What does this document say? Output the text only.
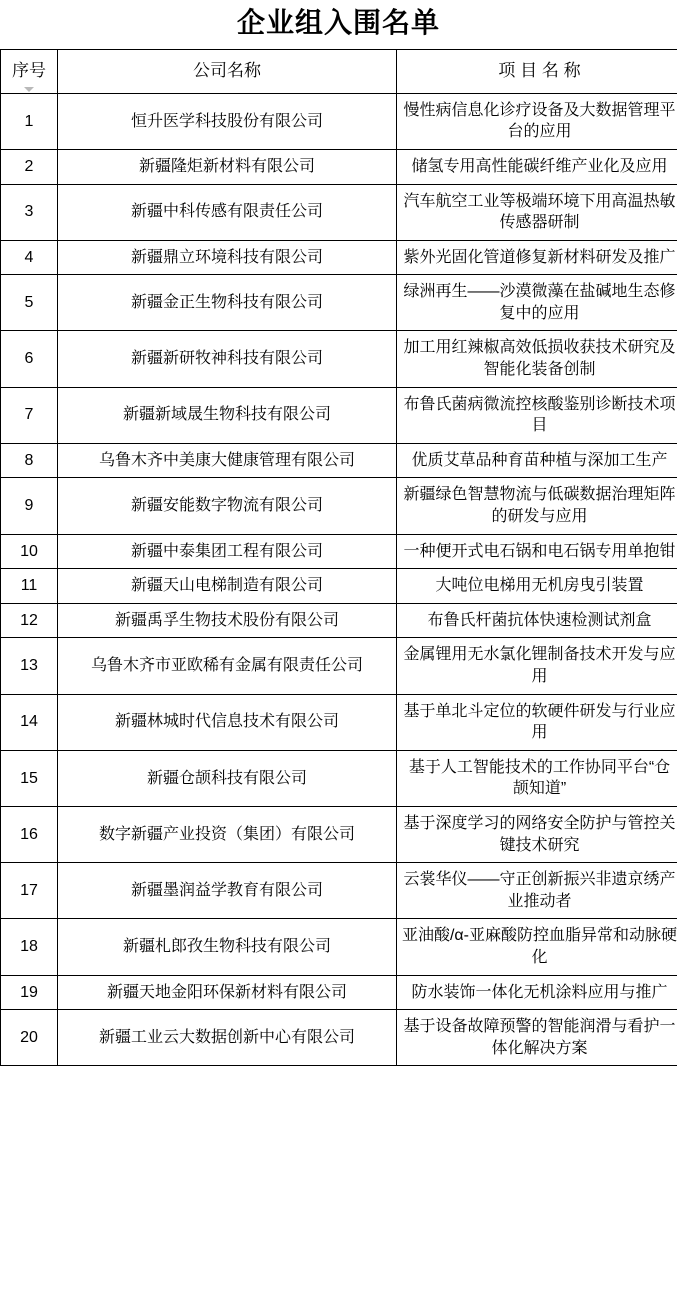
企业组入围名单
序号	公司名称	项 目 名 称
1	恒升医学科技股份有限公司	慢性病信息化诊疗设备及大数据管理平台的应用
2	新疆隆炬新材料有限公司	储氢专用高性能碳纤维产业化及应用
3	新疆中科传感有限责任公司	汽车航空工业等极端环境下用高温热敏 传感器研制
4	新疆鼎立环境科技有限公司	紫外光固化管道修复新材料研发及推广
5	新疆金正生物科技有限公司	绿洲再生——沙漠微藻在盐碱地生态修复中的应用
6	新疆新研牧神科技有限公司	加工用红辣椒高效低损收获技术研究及智能化装备创制
7	新疆新域晟生物科技有限公司	布鲁氏菌病微流控核酸鉴别诊断技术项目
8	乌鲁木齐中美康大健康管理有限公司	优质艾草品种育苗种植与深加工生产
9	新疆安能数字物流有限公司	新疆绿色智慧物流与低碳数据治理矩阵的研发与应用
10	新疆中泰集团工程有限公司	一种便开式电石锅和电石锅专用单抱钳
11	新疆天山电梯制造有限公司	大吨位电梯用无机房曳引装置
12	新疆禹孚生物技术股份有限公司	布鲁氏杆菌抗体快速检测试剂盒
13	乌鲁木齐市亚欧稀有金属有限责任公司	金属锂用无水氯化锂制备技术开发与应用
14	新疆林城时代信息技术有限公司	基于单北斗定位的软硬件研发与行业应用
15	新疆仓颉科技有限公司	基于人工智能技术的工作协同平台“仓颉知道”
16	数字新疆产业投资（集团）有限公司	基于深度学习的网络安全防护与管控关键技术研究
17	新疆墨润益学教育有限公司	云裳华仪——守正创新振兴非遗京绣产业推动者
18	新疆札郎孜生物科技有限公司	亚油酸/α-亚麻酸防控血脂异常和动脉硬化
19	新疆天地金阳环保新材料有限公司	防水装饰一体化无机涂料应用与推广
20	新疆工业云大数据创新中心有限公司	基于设备故障预警的智能润滑与看护一体化解决方案
